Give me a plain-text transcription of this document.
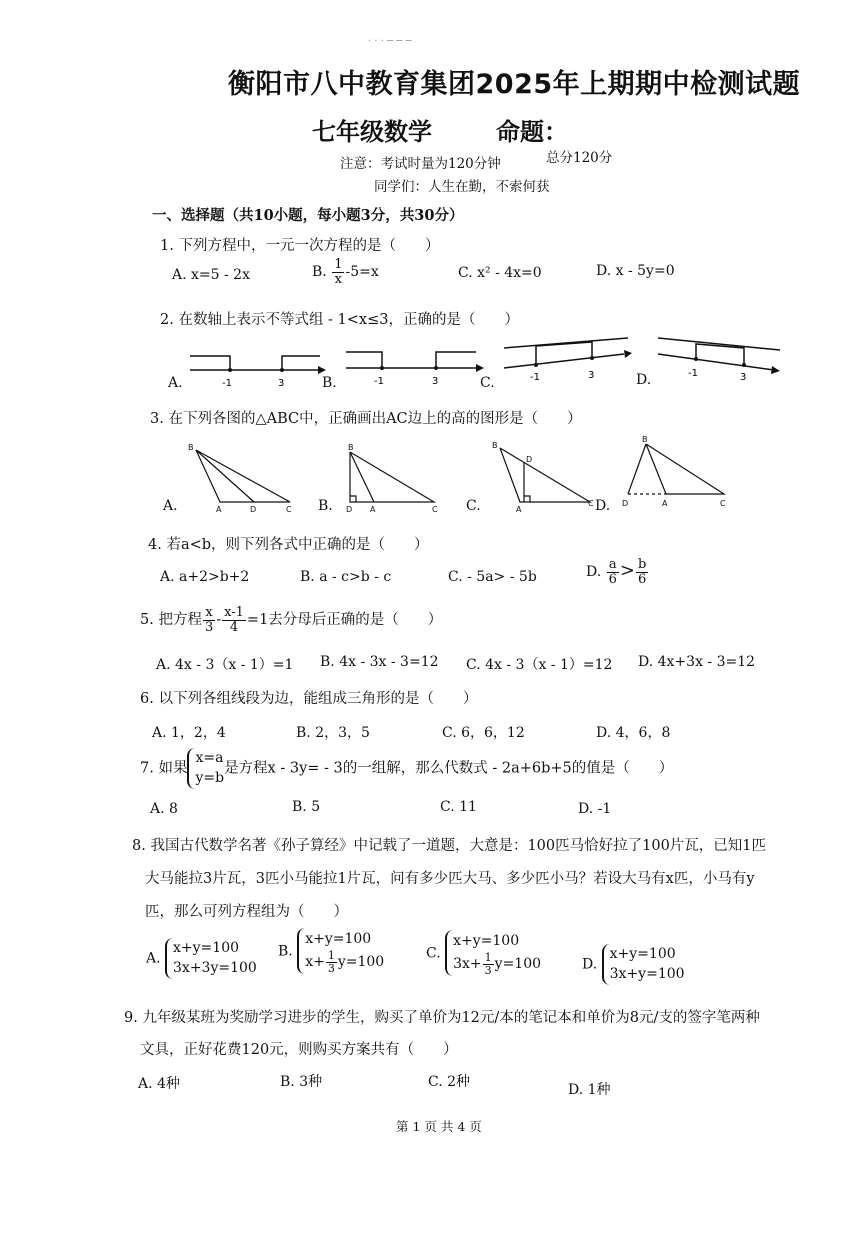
· · · ─ ─ ─
衡阳市八中教育集团2025年上期期中检测试题
七年级数学	命题：
注意：考试时量为120分钟	总分120分
同学们：人生在勤，不索何获
一、选择题（共10小题，每小题3分，共30分）
1. 下列方程中，一元一次方程的是（　　）
A. x=5 - 2x	B. $\frac{1}{x} -5=x$	C. x² - 4x=0	D. x - 5y=0
2. 在数轴上表示不等式组 - 1<x≤3，正确的是（　　）
-1	3	-1	3	-1	3	-1	3
A.	B.	C.	D.
3. 在下列各图的△ABC中，正确画出AC边上的高的图形是（　　）
B
A	D	C
B
D A	C
B
D
A
C
B
D	A	C
A.	B.	C.	D.
4. 若a<b，则下列各式中正确的是（　　）
A. a+2>b+2	B. a - c>b - c	C. - 5a> - 5b	D. $\frac{a}{6} > \frac{b}{6}$
5. 把方程 $\frac{x}{3} - \frac{x-1}{4} =1$去分母后正确的是（　　）
A. 4x - 3（x - 1）=1 B. 4x - 3x - 3=12 C. 4x - 3（x - 1）=12 D. 4x+3x - 3=12
6. 以下列各组线段为边，能组成三角形的是（　　）
A. 1，2，4	B. 2，3，5	C. 6，6，12	D. 4，6，8
7. 如果x=a
y=b是方程x - 3y= - 3的一组解，那么代数式 - 2a+6b+5的值是（　　）
A. 8	B. 5	C. 11	D. -1
8. 我国古代数学名著《孙子算经》中记载了一道题，大意是：100匹马恰好拉了100片瓦，已知1匹
大马能拉3片瓦，3匹小马能拉1片瓦，问有多少匹大马、多少匹小马？若设大马有x匹，小马有y
匹，那么可列方程组为（　　）
A. x+y=100
3x+3y=100
B. x+y=100
$x+ \frac{1}{3} y=100$
C. x+y=100
$3x+ \frac{1}{3} y=100$	D. x+y=100
3x+y=100
9. 九年级某班为奖励学习进步的学生，购买了单价为12元/本的笔记本和单价为8元/支的签字笔两种
文具，正好花费120元，则购买方案共有（　　）
A. 4种	B. 3种	C. 2种	D. 1种
第 1 页 共 4 页
